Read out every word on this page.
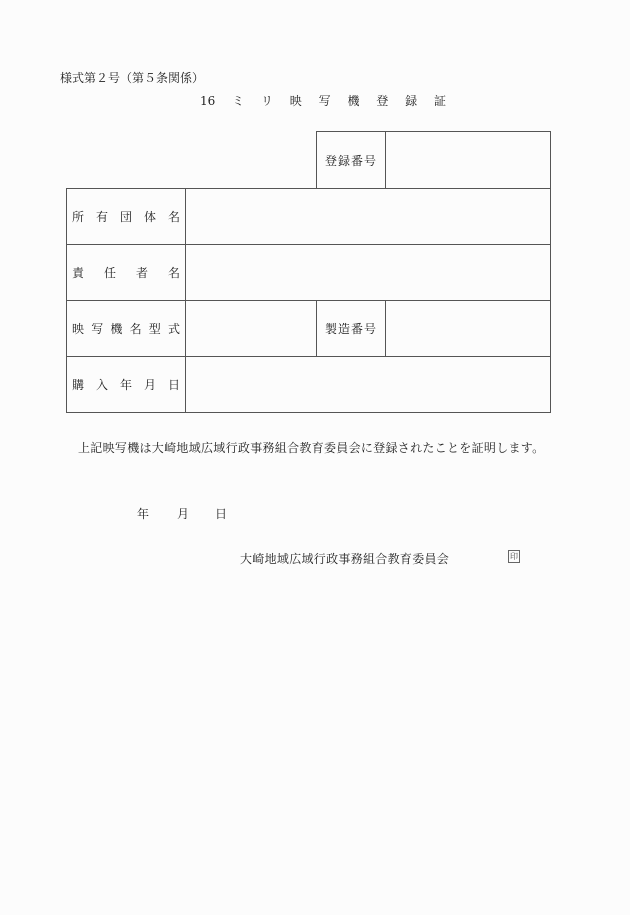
様式第２号（第５条関係）
16 ミ リ 映 写 機 登 録 証
登録番号
所 有 団 体 名
責 任 者 名
映 写 機 名 型 式	製造番号
購 入 年 月 日
上記映写機は大崎地域広域行政事務組合教育委員会に登録されたことを証明します。
年 月 日
大崎地域広域行政事務組合教育委員会	印
